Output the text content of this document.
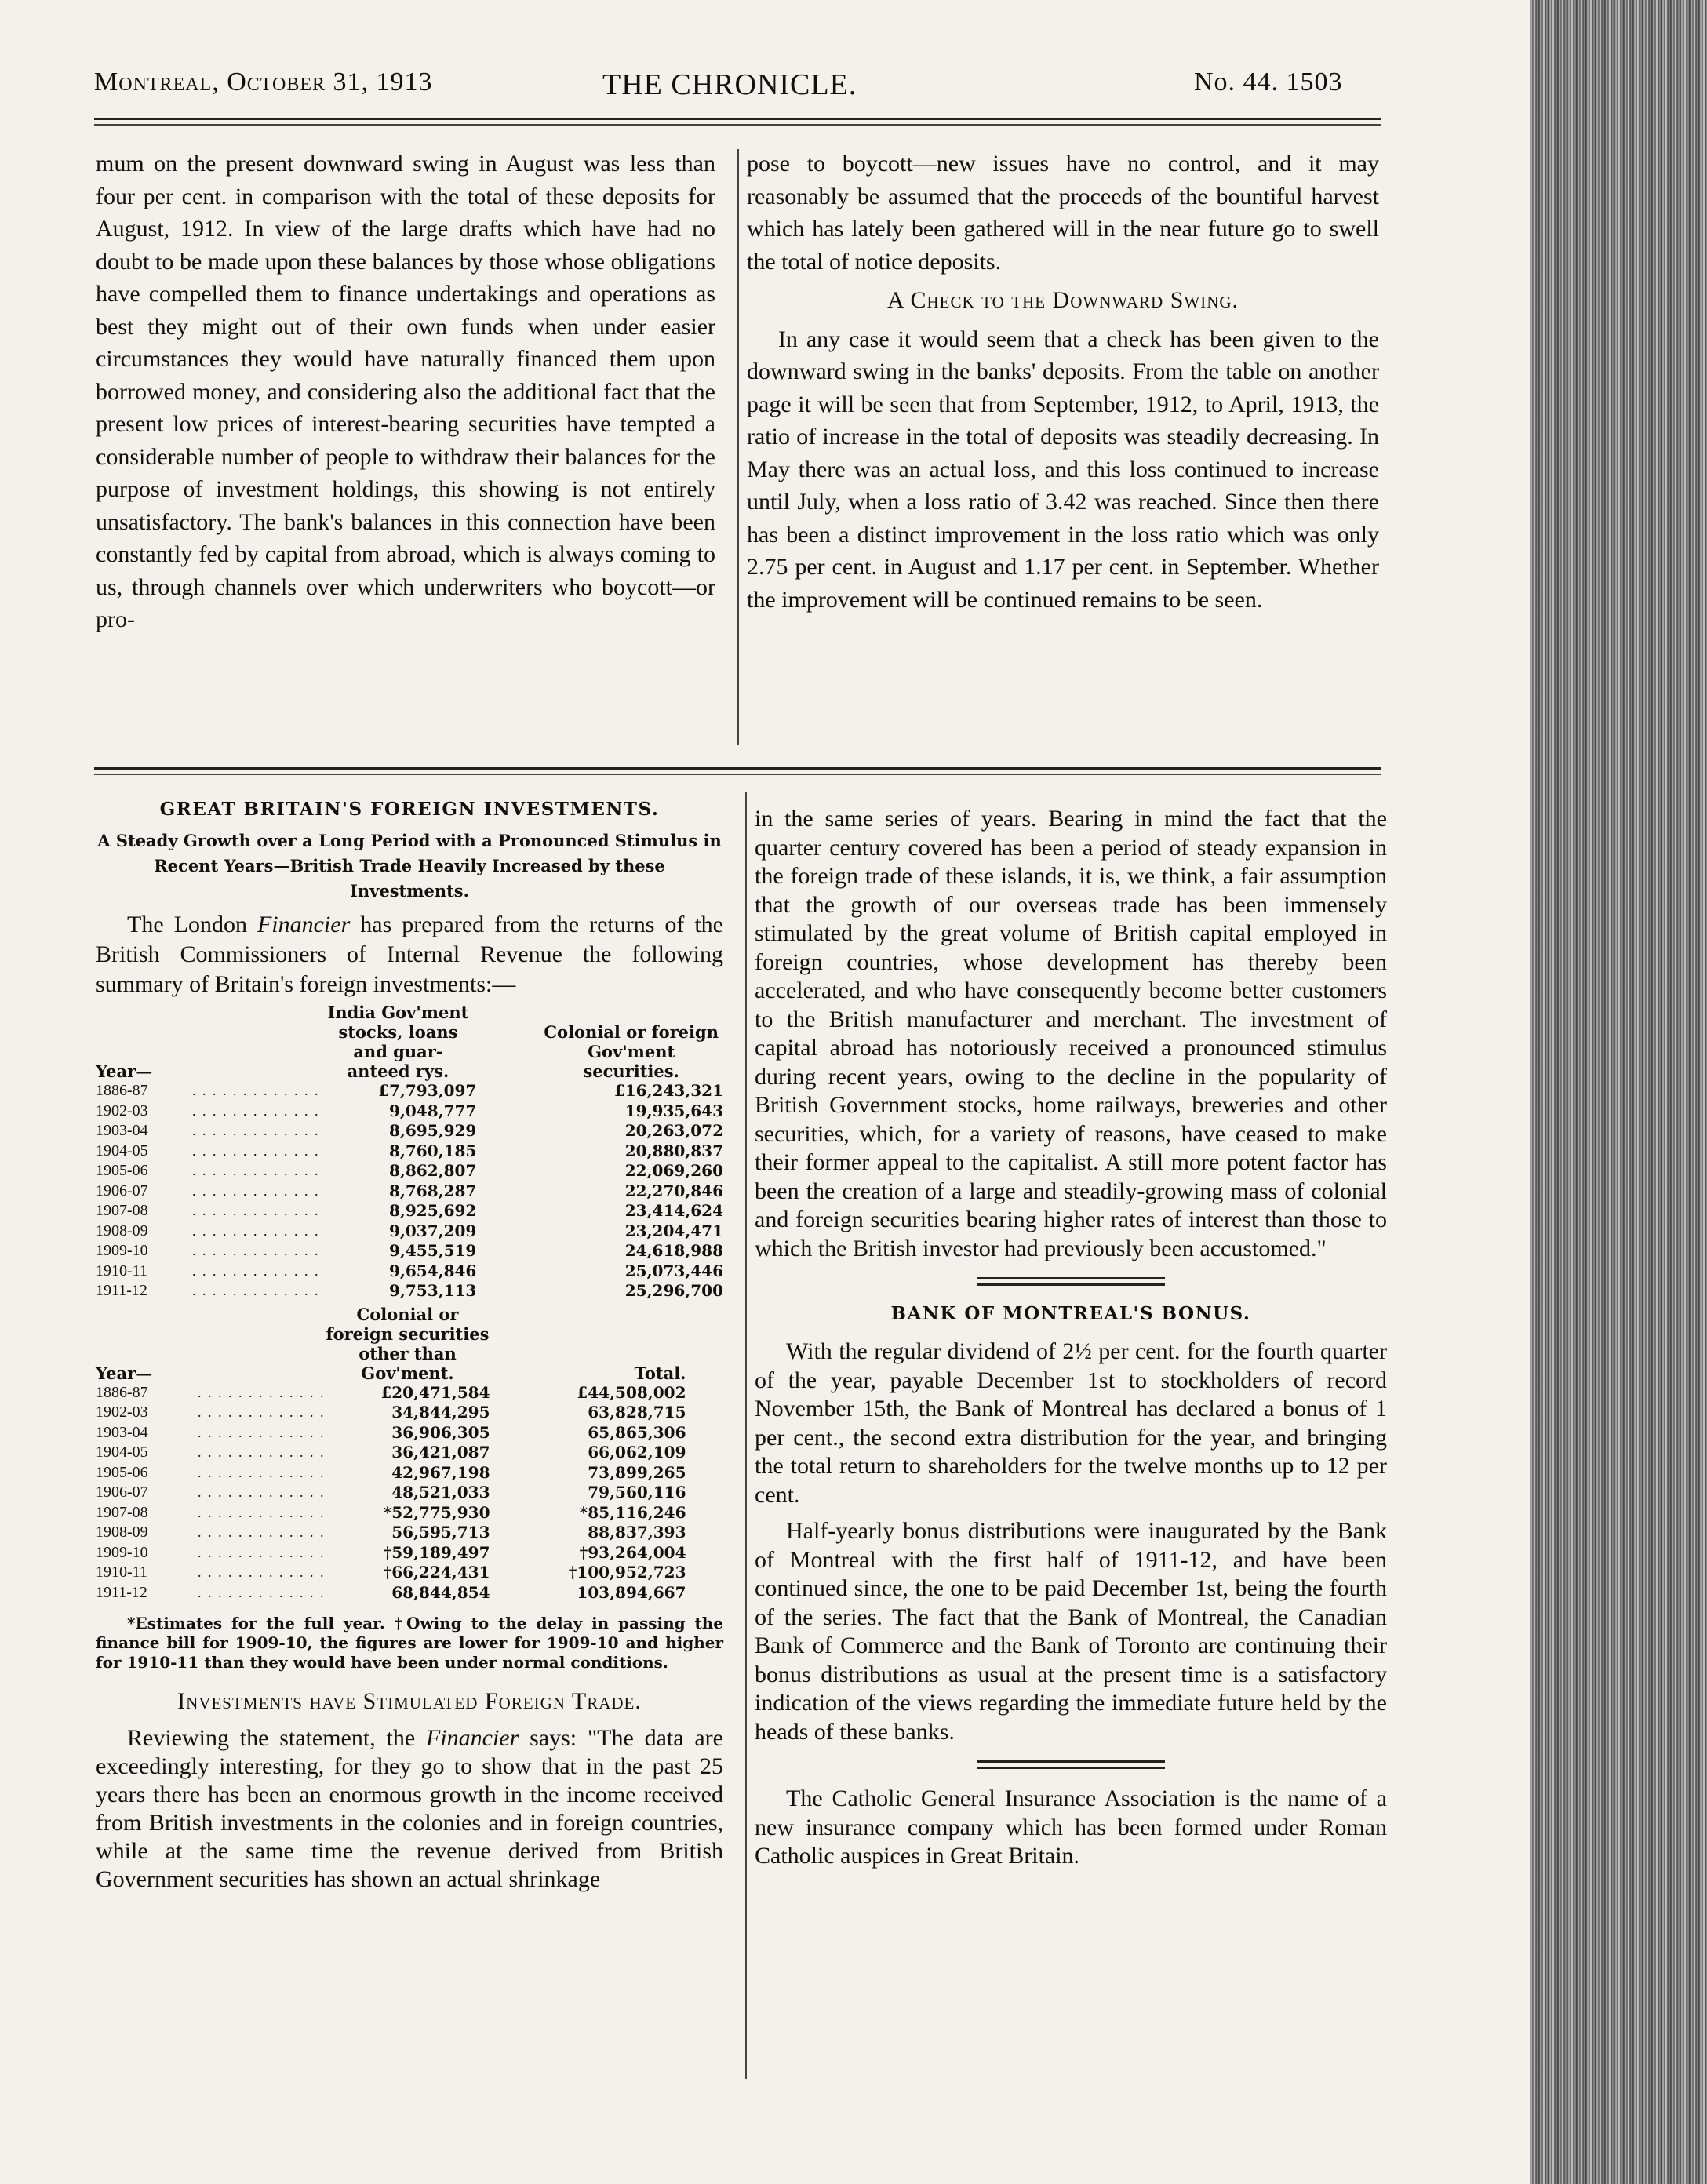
Montreal, October 31, 1913	THE CHRONICLE.	No. 44. 1503

mum on the present downward swing in August was less than four per cent. in comparison with the total of these deposits for August, 1912. In view of the large drafts which have had no doubt to be made upon these balances by those whose obligations have compelled them to finance undertakings and operations as best they might out of their own funds when under easier circumstances they would have naturally financed them upon borrowed money, and considering also the additional fact that the present low prices of interest-bearing securities have tempted a considerable number of people to withdraw their balances for the purpose of investment holdings, this showing is not entirely unsatisfactory. The bank's balances in this connection have been constantly fed by capital from abroad, which is always coming to us, through channels over which underwriters who boycott—or pro-

pose to boycott—new issues have no control, and it may reasonably be assumed that the proceeds of the bountiful harvest which has lately been gathered will in the near future go to swell the total of notice deposits.

A Check to the Downward Swing.

In any case it would seem that a check has been given to the downward swing in the banks' deposits. From the table on another page it will be seen that from September, 1912, to April, 1913, the ratio of increase in the total of deposits was steadily decreasing. In May there was an actual loss, and this loss continued to increase until July, when a loss ratio of 3.42 was reached. Since then there has been a distinct improvement in the loss ratio which was only 2.75 per cent. in August and 1.17 per cent. in September. Whether the improvement will be continued remains to be seen.

GREAT BRITAIN'S FOREIGN INVESTMENTS.
A Steady Growth over a Long Period with a Pronounced Stimulus in Recent Years—British Trade Heavily Increased by these Investments.

The London Financier has prepared from the returns of the British Commissioners of Internal Revenue the following summary of Britain's foreign investments:—

Year—		India Gov'ment stocks, loans and guar- anteed rys.	Colonial or foreign Gov'ment securities.
1886-87	. . . . . . . . . . . . .	£7,793,097	£16,243,321
1902-03	. . . . . . . . . . . . .	9,048,777	19,935,643
1903-04	. . . . . . . . . . . . .	8,695,929	20,263,072
1904-05	. . . . . . . . . . . . .	8,760,185	20,880,837
1905-06	. . . . . . . . . . . . .	8,862,807	22,069,260
1906-07	. . . . . . . . . . . . .	8,768,287	22,270,846
1907-08	. . . . . . . . . . . . .	8,925,692	23,414,624
1908-09	. . . . . . . . . . . . .	9,037,209	23,204,471
1909-10	. . . . . . . . . . . . .	9,455,519	24,618,988
1910-11	. . . . . . . . . . . . .	9,654,846	25,073,446
1911-12	. . . . . . . . . . . . .	9,753,113	25,296,700
Year—		Colonial or foreign securities other than Gov'ment.	Total.
1886-87	. . . . . . . . . . . . .	£20,471,584	£44,508,002
1902-03	. . . . . . . . . . . . .	34,844,295	63,828,715
1903-04	. . . . . . . . . . . . .	36,906,305	65,865,306
1904-05	. . . . . . . . . . . . .	36,421,087	66,062,109
1905-06	. . . . . . . . . . . . .	42,967,198	73,899,265
1906-07	. . . . . . . . . . . . .	48,521,033	79,560,116
1907-08	. . . . . . . . . . . . .	*52,775,930	*85,116,246
1908-09	. . . . . . . . . . . . .	56,595,713	88,837,393
1909-10	. . . . . . . . . . . . .	†59,189,497	†93,264,004
1910-11	. . . . . . . . . . . . .	†66,224,431	†100,952,723
1911-12	. . . . . . . . . . . . .	68,844,854	103,894,667

*Estimates for the full year. †Owing to the delay in passing the finance bill for 1909-10, the figures are lower for 1909-10 and higher for 1910-11 than they would have been under normal conditions.

Investments have Stimulated Foreign Trade.

Reviewing the statement, the Financier says: "The data are exceedingly interesting, for they go to show that in the past 25 years there has been an enormous growth in the income received from British investments in the colonies and in foreign countries, while at the same time the revenue derived from British Government securities has shown an actual shrinkage

in the same series of years. Bearing in mind the fact that the quarter century covered has been a period of steady expansion in the foreign trade of these islands, it is, we think, a fair assumption that the growth of our overseas trade has been immensely stimulated by the great volume of British capital employed in foreign countries, whose development has thereby been accelerated, and who have consequently become better customers to the British manufacturer and merchant. The investment of capital abroad has notoriously received a pronounced stimulus during recent years, owing to the decline in the popularity of British Government stocks, home railways, breweries and other securities, which, for a variety of reasons, have ceased to make their former appeal to the capitalist. A still more potent factor has been the creation of a large and steadily-growing mass of colonial and foreign securities bearing higher rates of interest than those to which the British investor had previously been accustomed."

BANK OF MONTREAL'S BONUS.

With the regular dividend of 2½ per cent. for the fourth quarter of the year, payable December 1st to stockholders of record November 15th, the Bank of Montreal has declared a bonus of 1 per cent., the second extra distribution for the year, and bringing the total return to shareholders for the twelve months up to 12 per cent.

Half-yearly bonus distributions were inaugurated by the Bank of Montreal with the first half of 1911-12, and have been continued since, the one to be paid December 1st, being the fourth of the series. The fact that the Bank of Montreal, the Canadian Bank of Commerce and the Bank of Toronto are continuing their bonus distributions as usual at the present time is a satisfactory indication of the views regarding the immediate future held by the heads of these banks.

The Catholic General Insurance Association is the name of a new insurance company which has been formed under Roman Catholic auspices in Great Britain.
